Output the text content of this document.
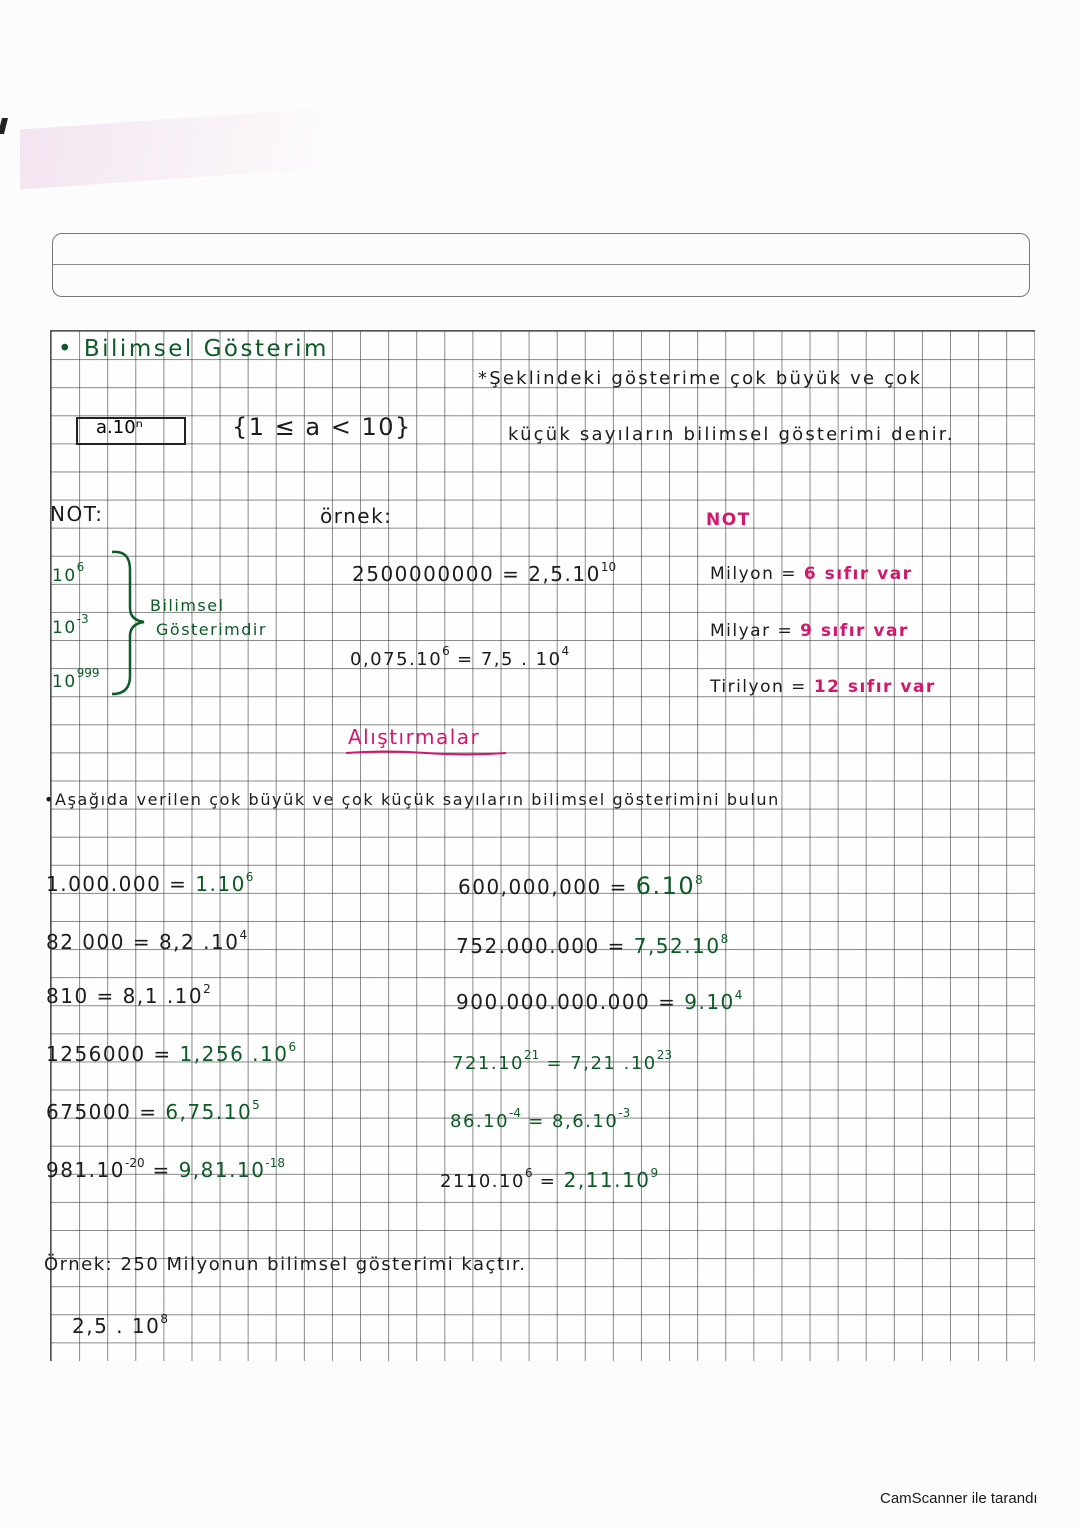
• Bilimsel Gösterim
a.10ⁿ	{1 ≤ a < 10}
*Şeklindeki gösterime çok büyük ve çok
küçük sayıların bilimsel gösterimi denir.
NOT:
$10^6$
$10^{-3}$
$10^{999}$
Bilimsel
Gösterimdir
örnek:
$2500000000 = 2,5.10^{10}$
$0,075.10^6 = 7,5$ . $10^4$
NOT
Milyon = 6 sıfır var
Milyar = 9 sıfır var
Tirilyon = 12 sıfır var
Alıştırmalar
•Aşağıda verilen çok büyük ve çok küçük sayıların bilimsel gösterimini bulun
$1.000.000 = 1.10^6$
82 000 = 8,2 $.10^4$
810 = 8,1 $.10^2$
1256000 = 1,256 $.10^6$
$675000 = 6,75.10^5$
$981.10^{-20} = 9,81.10^{-18}$
$600,000,000 = 6.10^8$
$752.000.000 = 7,52.10^8$
$900.000.000.000 = 9.10^4$
$721.10^{21} = 7,21$ $.10^{23}$
$86.10^{-4} = 8,6.10^{-3}$
$2110.10^6 = 2,11.10^9$
Örnek: 250 Milyonun bilimsel gösterimi kaçtır.
2,5 . $10^8$
CamScanner ile tarandı
